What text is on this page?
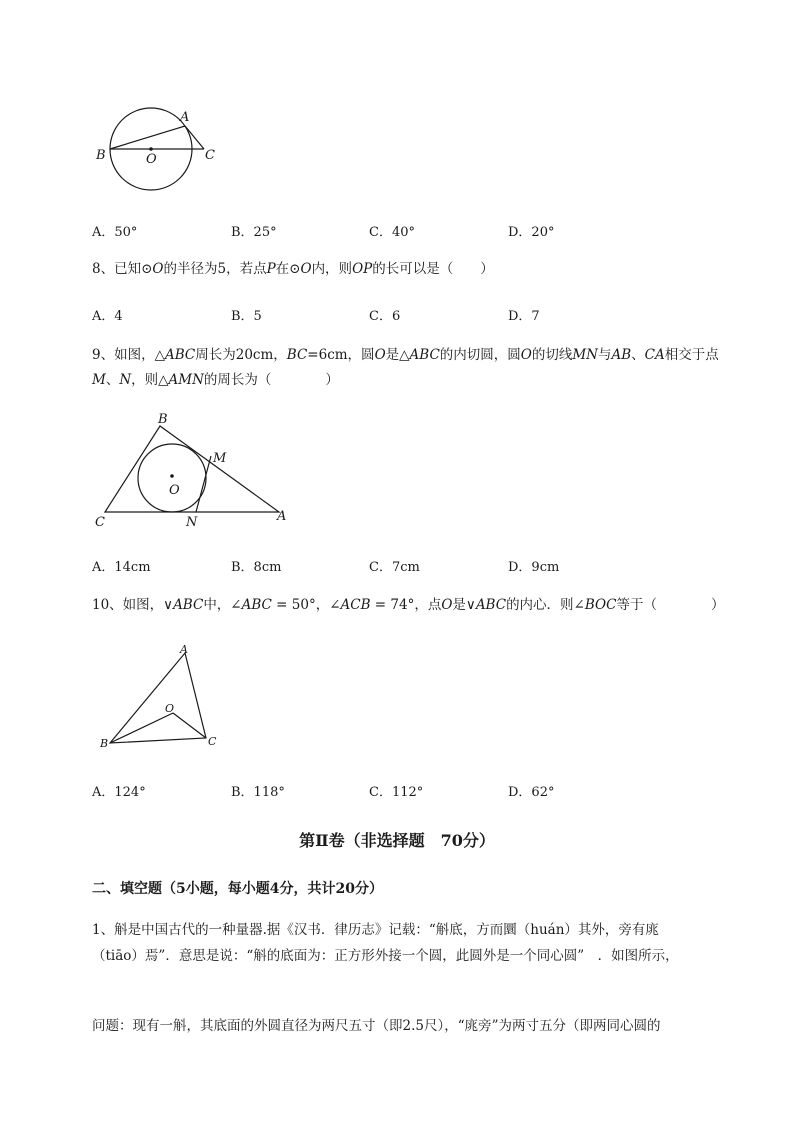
A
B	C
O
A．50°	B．25°	C．40°	D．20°
8、已知⊙O的半径为5，若点P在⊙O内，则OP的长可以是（　　）
A．4	B．5	C．6	D．7
9、如图，△ABC周长为20cm，BC=6cm，圆O是△ABC的内切圆，圆O的切线MN与AB、CA相交于点
M、N，则△AMN的周长为（　　　　）
B
M
O
C	N	A
A．14cm	B．8cm	C．7cm	D．9cm
10、如图，∨ABC中，∠ABC = 50°，∠ACB = 74°，点O是∨ABC的内心．则∠BOC等于（　　　　）
A
O
B	C
A．124°	B．118°	C．112°	D．62°
第Ⅱ卷（非选择题　70分）
二、填空题（5小题，每小题4分，共计20分）
1、斛是中国古代的一种量器.据《汉书．律历志》记载：“斛底，方而圜（huán）其外，旁有庣
（tiāo）焉”．意思是说：“斛的底面为：正方形外接一个圆，此圆外是一个同心圆”　．如图所示，
问题：现有一斛，其底面的外圆直径为两尺五寸（即2.5尺），“庣旁”为两寸五分（即两同心圆的
